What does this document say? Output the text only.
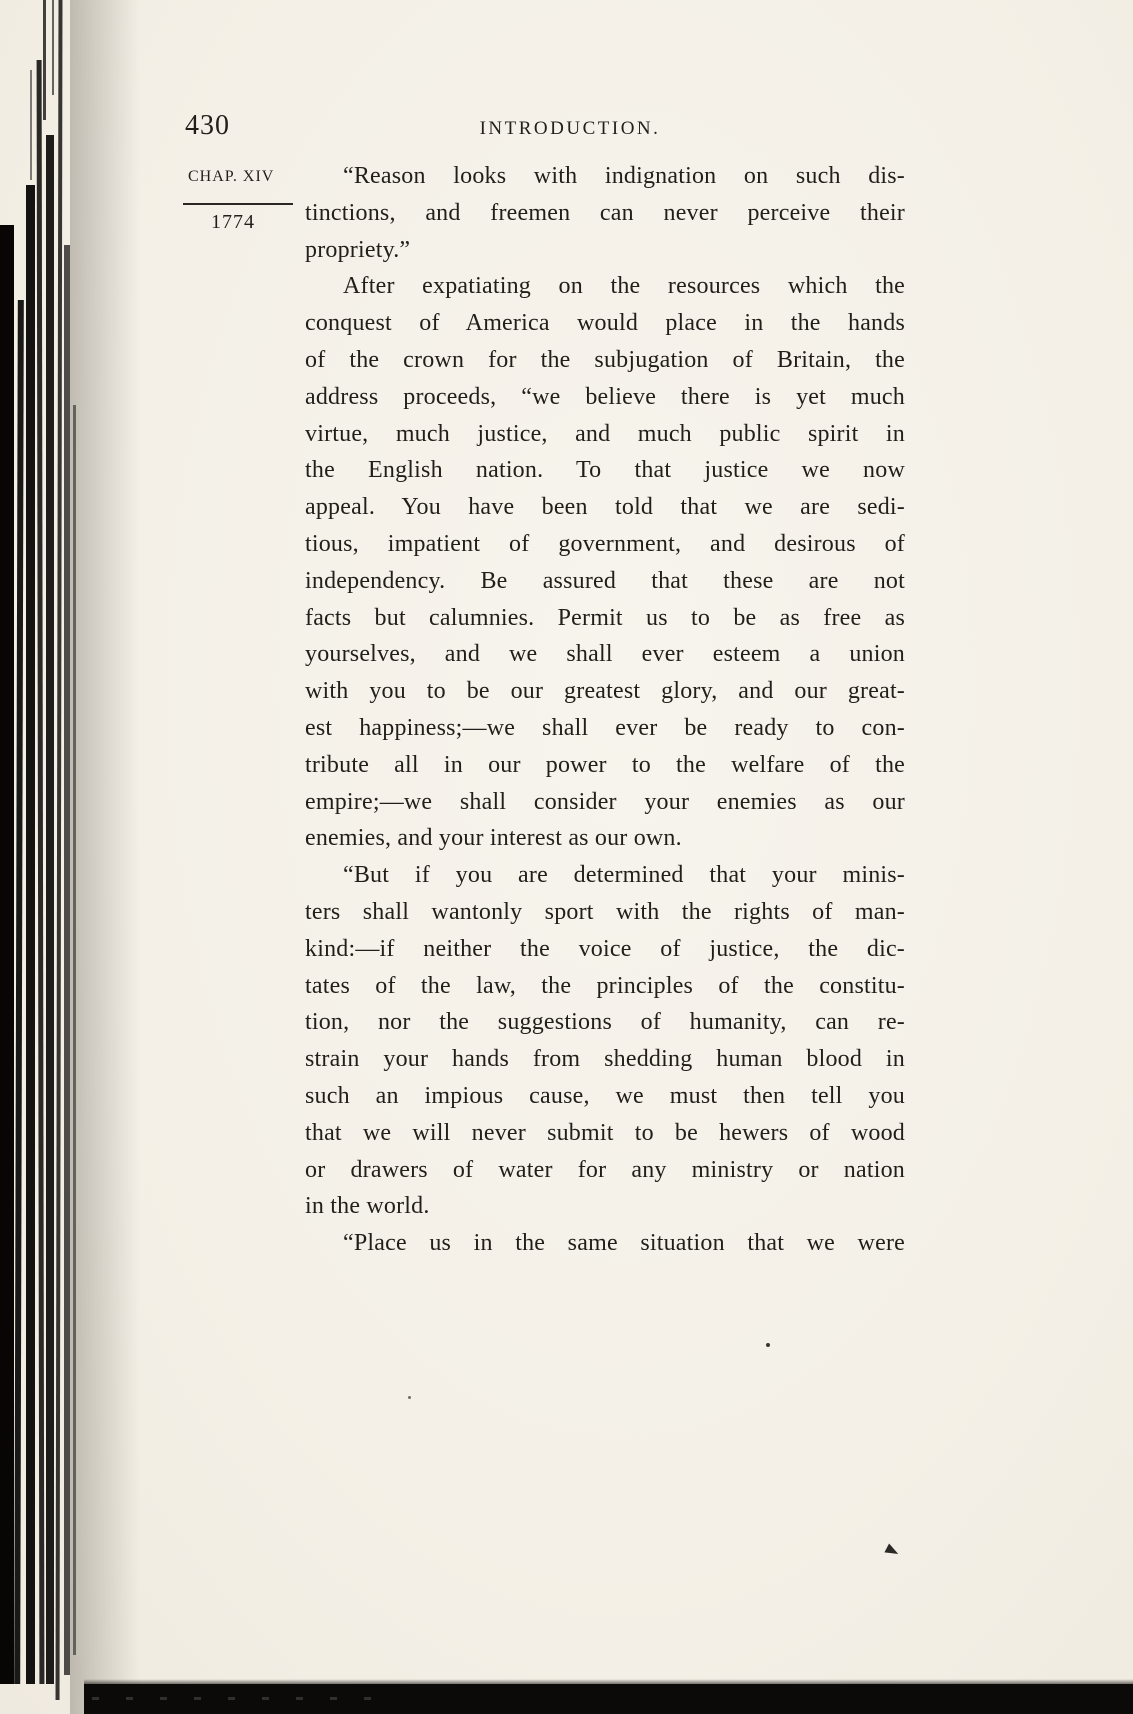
430	INTRODUCTION.
CHAP. XIV
1774
“Reason looks with indignation on such dis-
tinctions, and freemen can never perceive their
propriety.”
After expatiating on the resources which the
conquest of America would place in the hands
of the crown for the subjugation of Britain, the
address proceeds, “we believe there is yet much
virtue, much justice, and much public spirit in
the English nation. To that justice we now
appeal. You have been told that we are sedi-
tious, impatient of government, and desirous of
independency. Be assured that these are not
facts but calumnies. Permit us to be as free as
yourselves, and we shall ever esteem a union
with you to be our greatest glory, and our great-
est happiness;—we shall ever be ready to con-
tribute all in our power to the welfare of the
empire;—we shall consider your enemies as our
enemies, and your interest as our own.
“But if you are determined that your minis-
ters shall wantonly sport with the rights of man-
kind:—if neither the voice of justice, the dic-
tates of the law, the principles of the constitu-
tion, nor the suggestions of humanity, can re-
strain your hands from shedding human blood in
such an impious cause, we must then tell you
that we will never submit to be hewers of wood
or drawers of water for any ministry or nation
in the world.
“Place us in the same situation that we were
